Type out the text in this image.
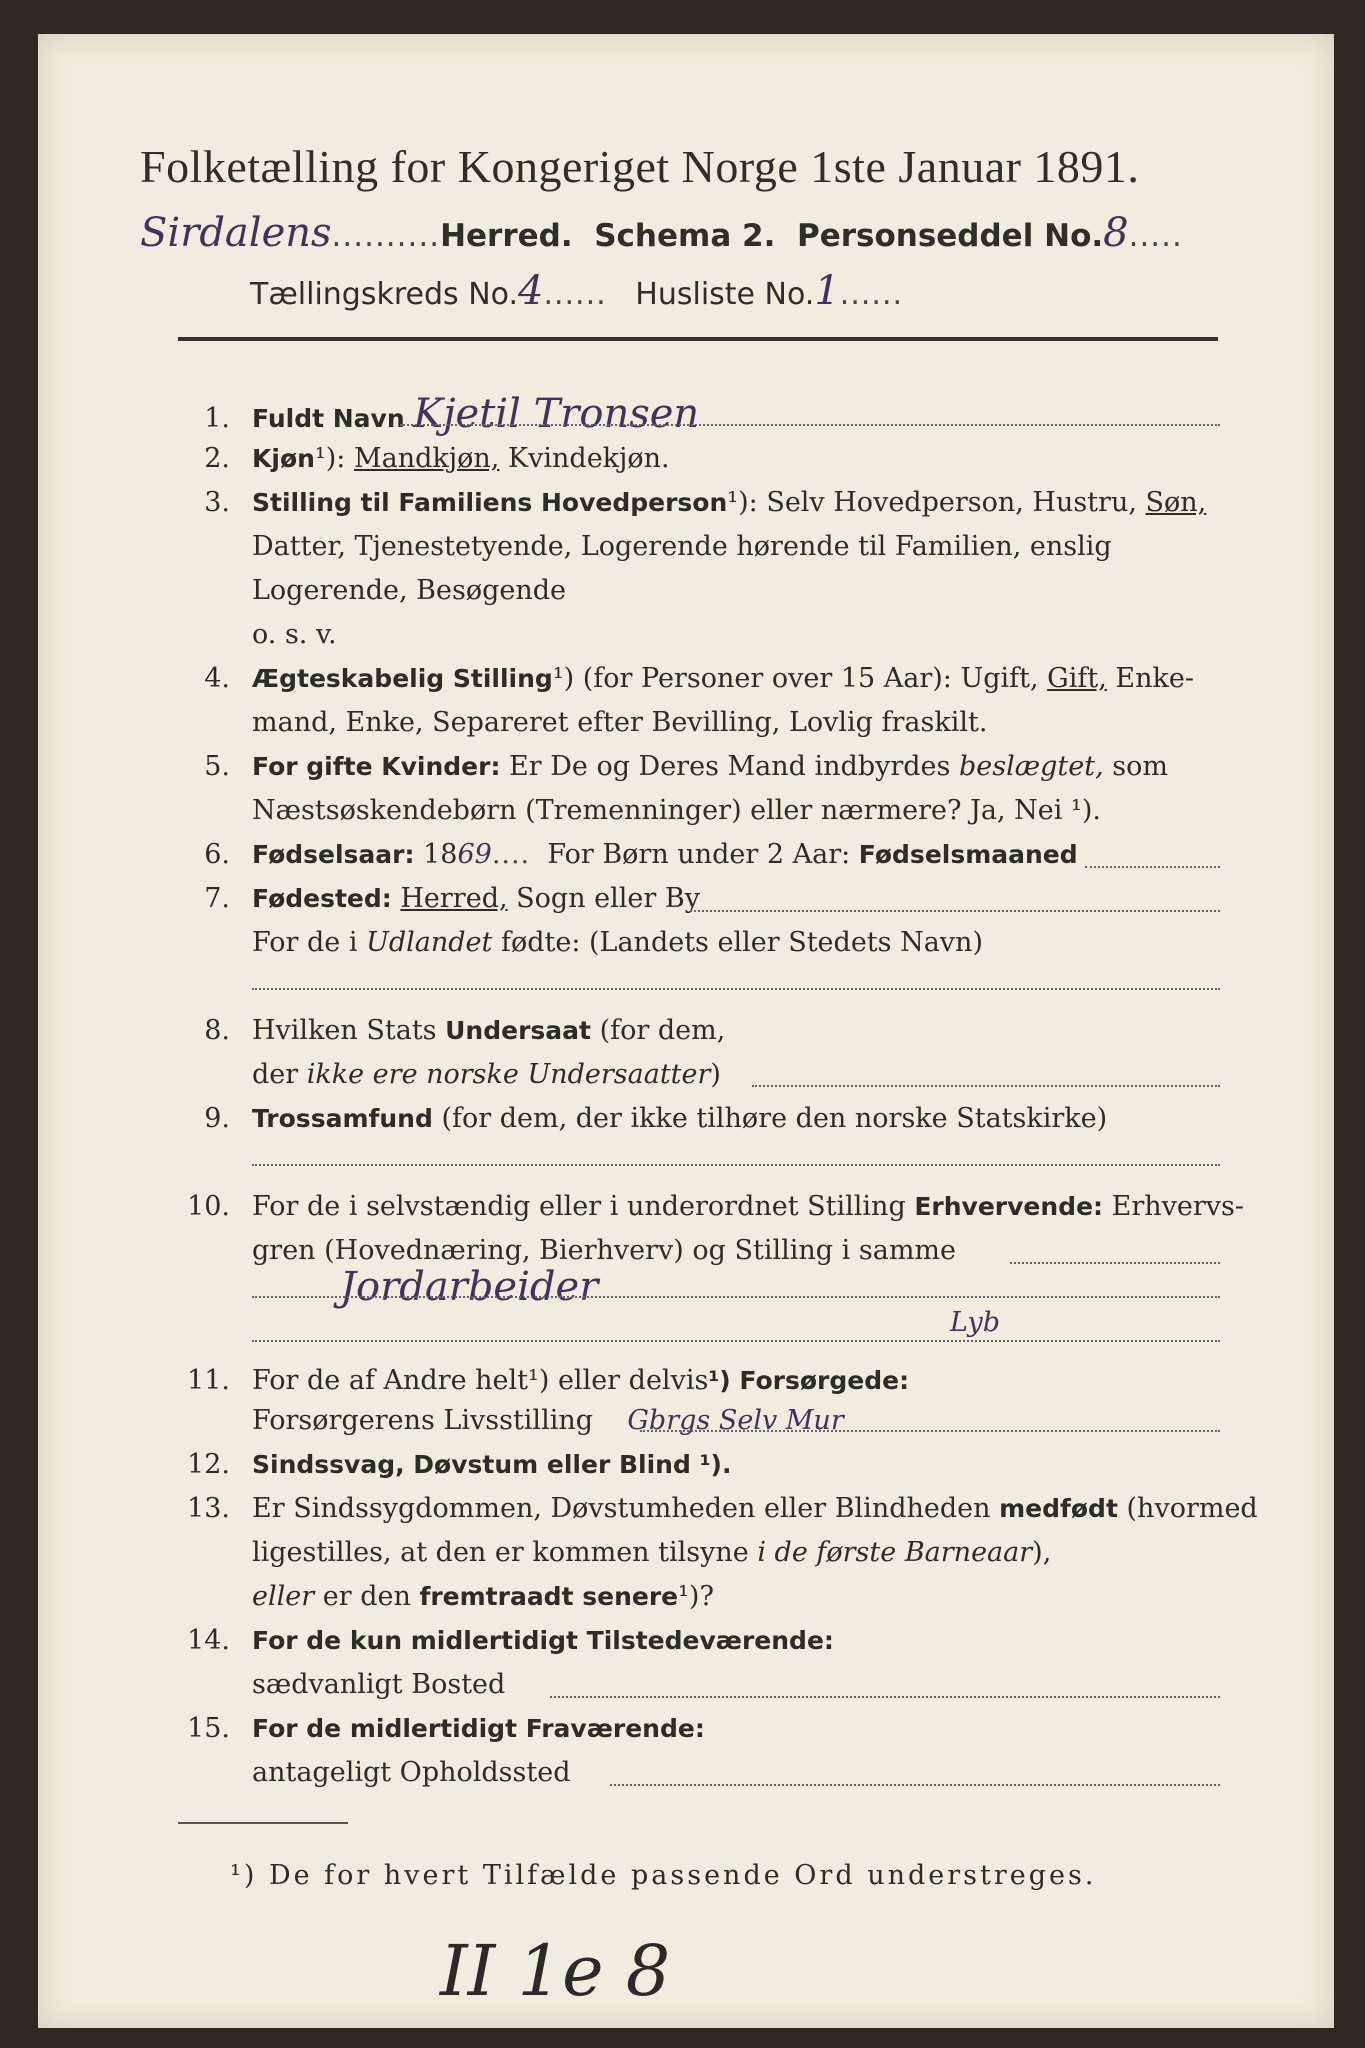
Folketælling for Kongeriget Norge 1ste Januar 1891.
Sirdalens..........Herred. Schema 2. Personseddel No.8.....
Tællingskreds No.4...... Husliste No.1......
1. Fuldt Navn Kjetil Tronsen
2. Kjøn¹): Mandkjøn, Kvindekjøn.
3. Stilling til Familiens Hovedperson¹): Selv Hovedperson, Hustru, Søn,
Datter, Tjenestetyende, Logerende hørende til Familien, enslig
Logerende, Besøgende
o. s. v.
4. Ægteskabelig Stilling¹) (for Personer over 15 Aar): Ugift, Gift, Enke-
mand, Enke, Separeret efter Bevilling, Lovlig fraskilt.
5. For gifte Kvinder: Er De og Deres Mand indbyrdes beslægtet, som
Næstsøskendebørn (Tremenninger) eller nærmere? Ja, Nei ¹).
6. Fødselsaar: 1869.... For Børn under 2 Aar: Fødselsmaaned
7. Fødested: Herred, Sogn eller By
For de i Udlandet fødte: (Landets eller Stedets Navn)
8. Hvilken Stats Undersaat (for dem,
der ikke ere norske Undersaatter)
9. Trossamfund (for dem, der ikke tilhøre den norske Statskirke)
10. For de i selvstændig eller i underordnet Stilling Erhvervende: Erhvervs-
gren (Hovednæring, Bierhverv) og Stilling i samme
Jordarbeider
Lyb
11. For de af Andre helt¹) eller delvis¹) Forsørgede:
Forsørgerens Livsstilling Gbrgs Selv Mur
12. Sindssvag, Døvstum eller Blind ¹).
13. Er Sindssygdommen, Døvstumheden eller Blindheden medfødt (hvormed
ligestilles, at den er kommen tilsyne i de første Barneaar),
eller er den fremtraadt senere¹)?
14. For de kun midlertidigt Tilstedeværende:
sædvanligt Bosted
15. For de midlertidigt Fraværende:
antageligt Opholdssted
¹) De for hvert Tilfælde passende Ord understreges.
II 1e 8
